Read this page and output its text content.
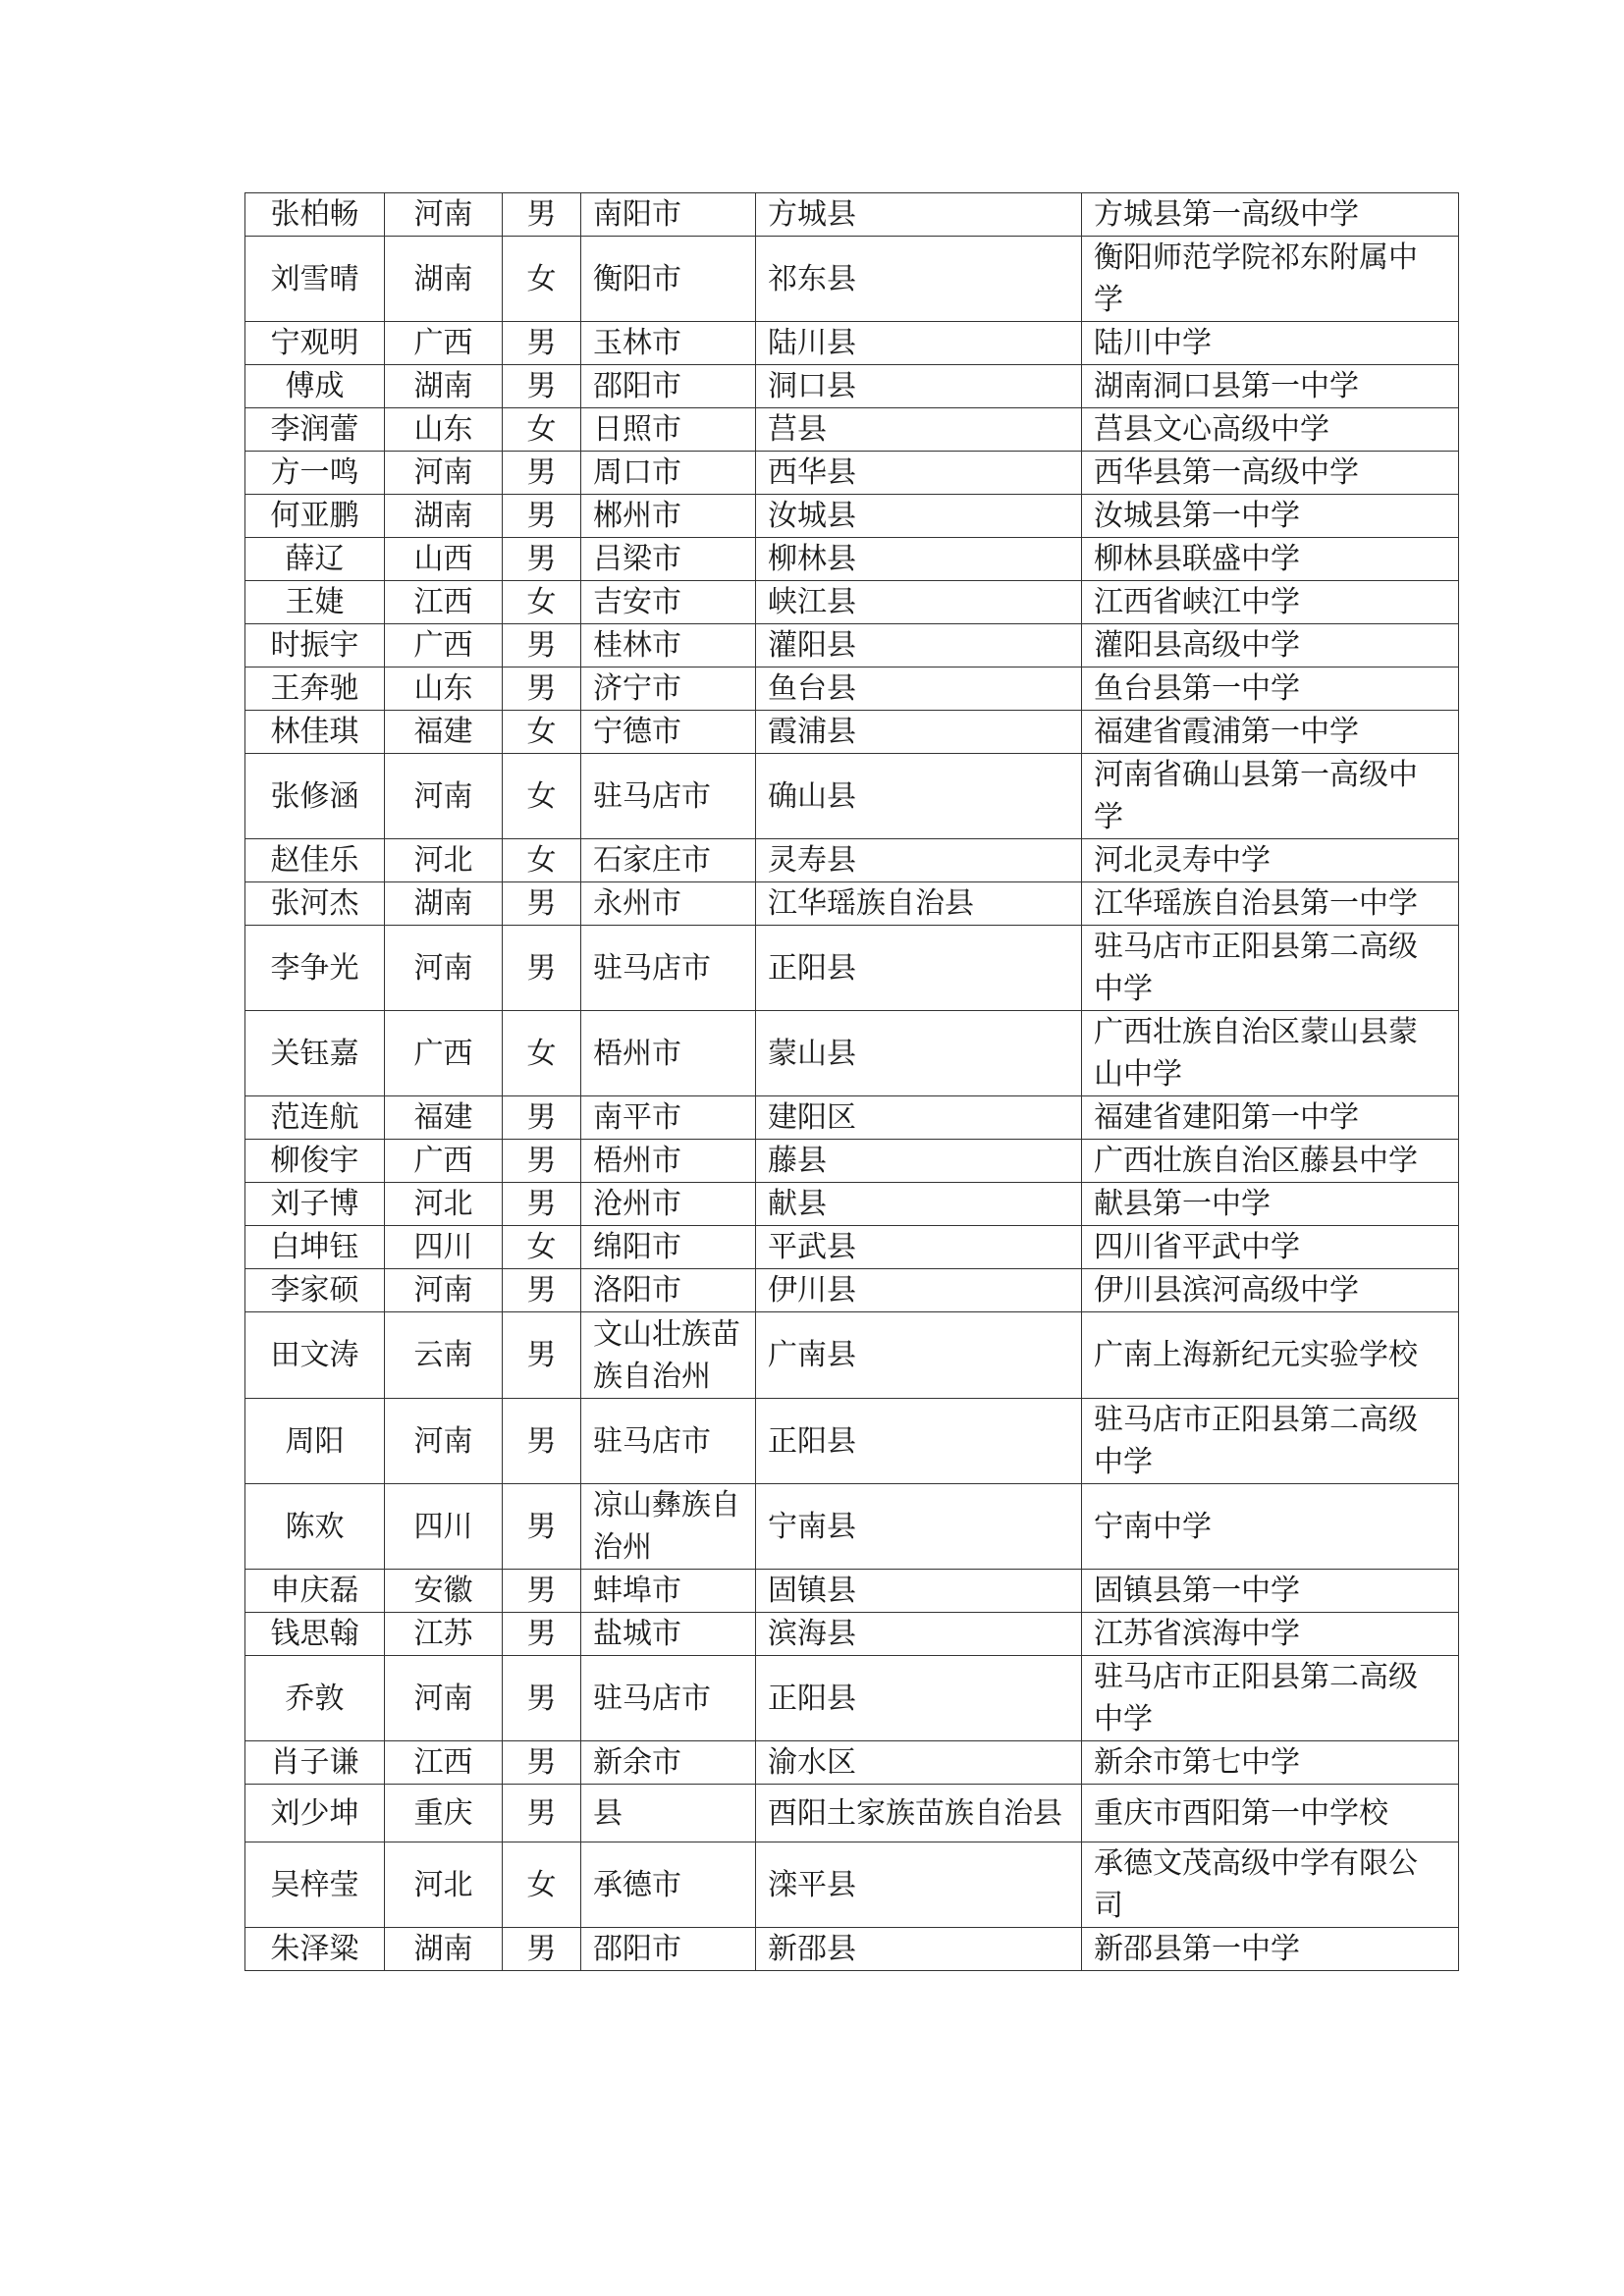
张柏畅	河南	男	南阳市	方城县	方城县第一高级中学
刘雪晴	湖南	女	衡阳市	祁东县	衡阳师范学院祁东附属中学
宁观明	广西	男	玉林市	陆川县	陆川中学
傅成	湖南	男	邵阳市	洞口县	湖南洞口县第一中学
李润蕾	山东	女	日照市	莒县	莒县文心高级中学
方一鸣	河南	男	周口市	西华县	西华县第一高级中学
何亚鹏	湖南	男	郴州市	汝城县	汝城县第一中学
薛辽	山西	男	吕梁市	柳林县	柳林县联盛中学
王婕	江西	女	吉安市	峡江县	江西省峡江中学
时振宇	广西	男	桂林市	灌阳县	灌阳县高级中学
王奔驰	山东	男	济宁市	鱼台县	鱼台县第一中学
林佳琪	福建	女	宁德市	霞浦县	福建省霞浦第一中学
张修涵	河南	女	驻马店市	确山县	河南省确山县第一高级中学
赵佳乐	河北	女	石家庄市	灵寿县	河北灵寿中学
张河杰	湖南	男	永州市	江华瑶族自治县	江华瑶族自治县第一中学
李争光	河南	男	驻马店市	正阳县	驻马店市正阳县第二高级中学
关钰嘉	广西	女	梧州市	蒙山县	广西壮族自治区蒙山县蒙山中学
范连航	福建	男	南平市	建阳区	福建省建阳第一中学
柳俊宇	广西	男	梧州市	藤县	广西壮族自治区藤县中学
刘子博	河北	男	沧州市	献县	献县第一中学
白坤钰	四川	女	绵阳市	平武县	四川省平武中学
李家硕	河南	男	洛阳市	伊川县	伊川县滨河高级中学
田文涛	云南	男	文山壮族苗族自治州	广南县	广南上海新纪元实验学校
周阳	河南	男	驻马店市	正阳县	驻马店市正阳县第二高级中学
陈欢	四川	男	凉山彝族自治州	宁南县	宁南中学
申庆磊	安徽	男	蚌埠市	固镇县	固镇县第一中学
钱思翰	江苏	男	盐城市	滨海县	江苏省滨海中学
乔敦	河南	男	驻马店市	正阳县	驻马店市正阳县第二高级中学
肖子谦	江西	男	新余市	渝水区	新余市第七中学
刘少坤	重庆	男	县	酉阳土家族苗族自治县	重庆市酉阳第一中学校
吴梓莹	河北	女	承德市	滦平县	承德文茂高级中学有限公司
朱泽粱	湖南	男	邵阳市	新邵县	新邵县第一中学
